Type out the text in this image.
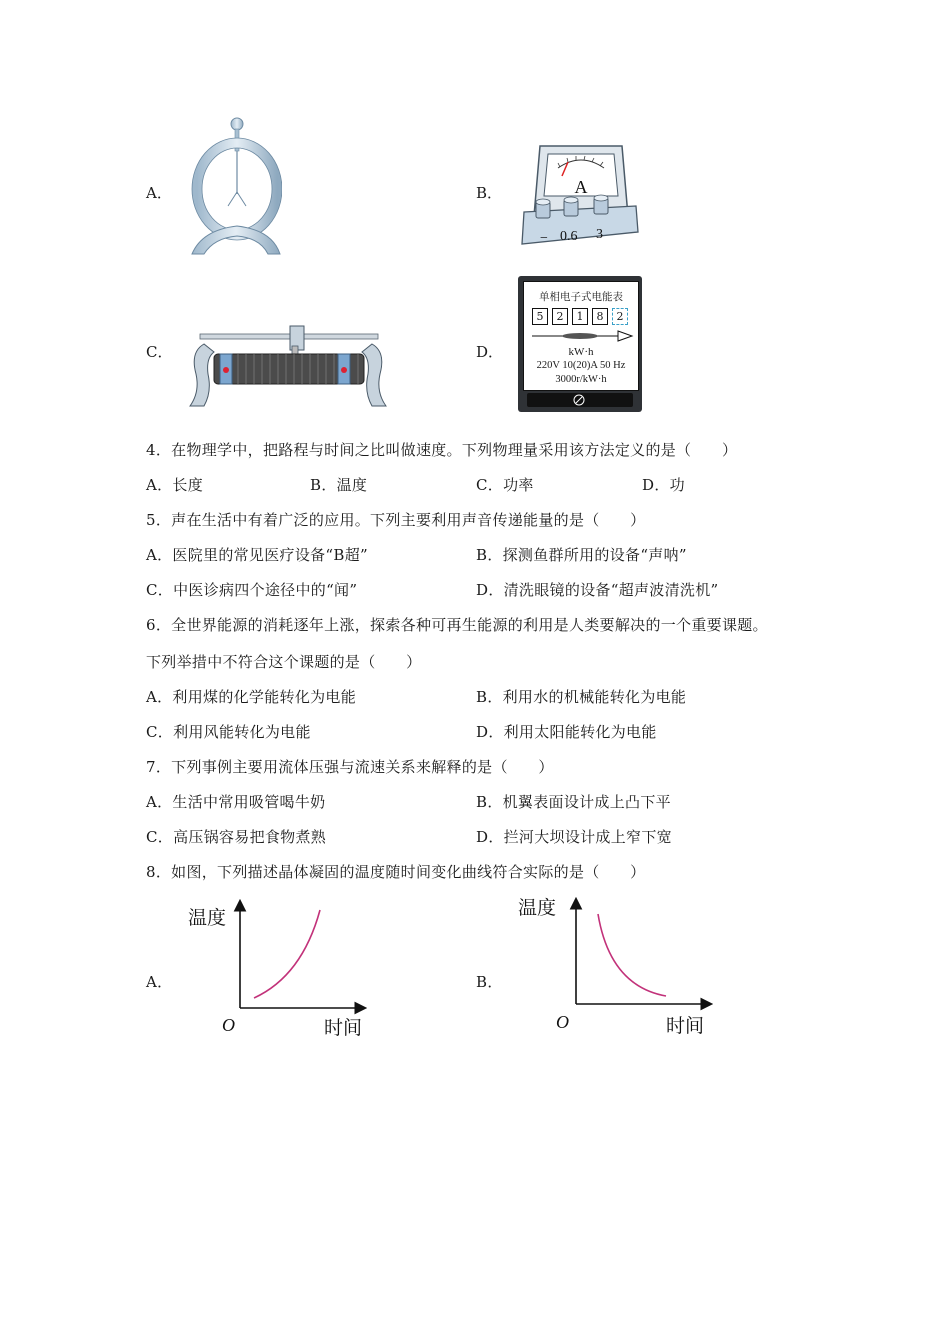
A．	B．	A
− 0.6 3
C．	D．
单相电子式电能表
5	2	1	8	2
kW·h
220V 10(20)A 50 Hz
3000r/kW·h
4．在物理学中，把路程与时间之比叫做速度。下列物理量采用该方法定义的是（　　）
A．长度	B．温度	C．功率	D．功
5．声在生活中有着广泛的应用。下列主要利用声音传递能量的是（　　）
A．医院里的常见医疗设备“B超”	B．探测鱼群所用的设备“声呐”
C．中医诊病四个途径中的“闻”	D．清洗眼镜的设备“超声波清洗机”
6．全世界能源的消耗逐年上涨，探索各种可再生能源的利用是人类要解决的一个重要课题。
下列举措中不符合这个课题的是（　　）
A．利用煤的化学能转化为电能	B．利用水的机械能转化为电能
C．利用风能转化为电能	D．利用太阳能转化为电能
7．下列事例主要用流体压强与流速关系来解释的是（　　）
A．生活中常用吸管喝牛奶	B．机翼表面设计成上凸下平
C．高压锅容易把食物煮熟	D．拦河大坝设计成上窄下宽
8．如图，下列描述晶体凝固的温度随时间变化曲线符合实际的是（　　）
A．	B．
温度
时间
O
温度
时间
O
